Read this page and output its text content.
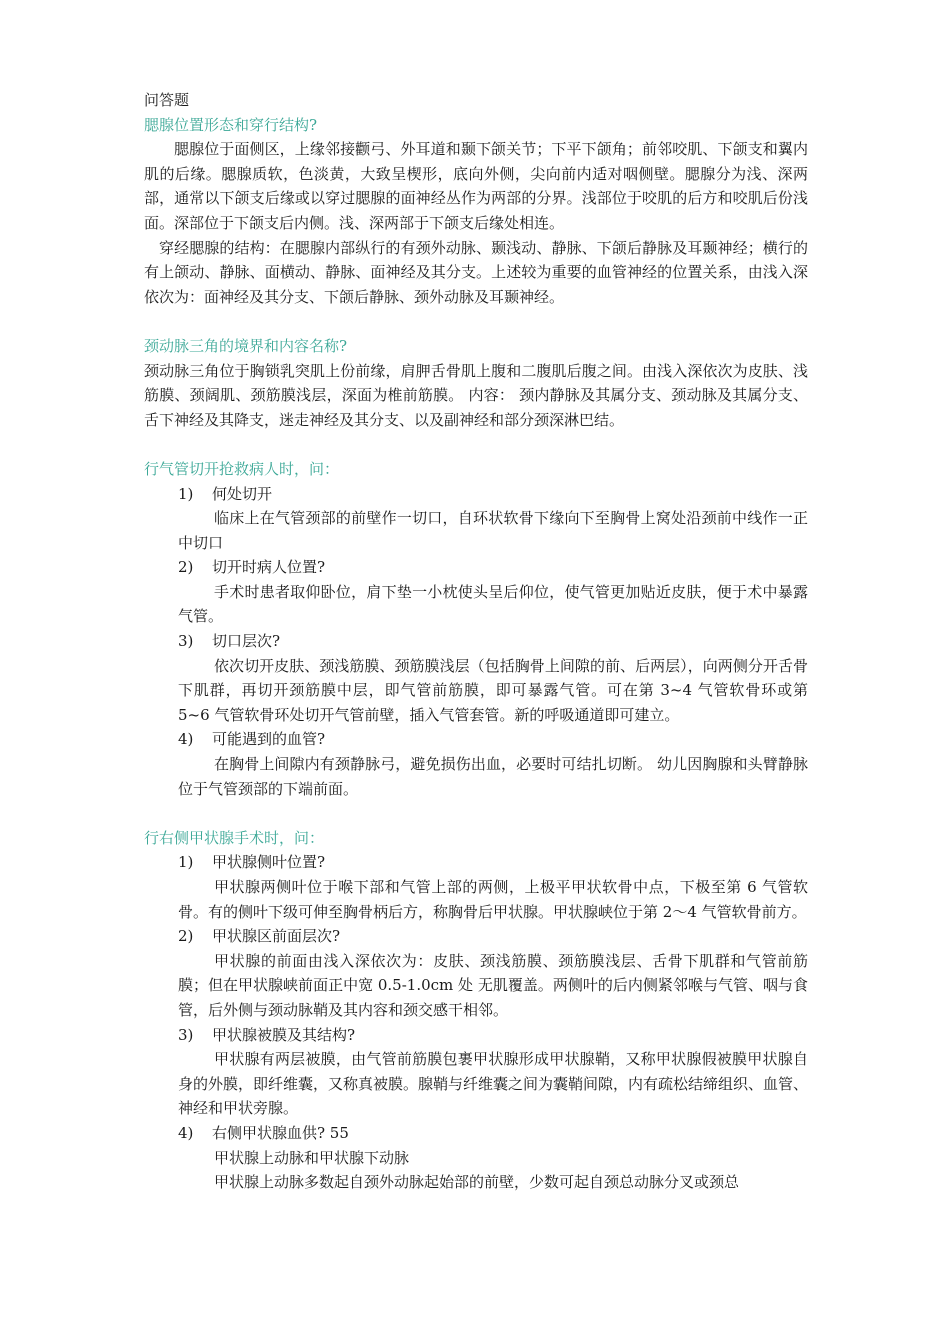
问答题

腮腺位置形态和穿行结构?

腮腺位于面侧区，上缘邻接颧弓、外耳道和颞下颌关节；下平下颌角；前邻咬肌、下颌支和翼内肌的后缘。腮腺质软，色淡黄，大致呈楔形，底向外侧，尖向前内适对咽侧壁。腮腺分为浅、深两部，通常以下颌支后缘或以穿过腮腺的面神经丛作为两部的分界。浅部位于咬肌的后方和咬肌后份浅面。深部位于下颌支后内侧。浅、深两部于下颌支后缘处相连。

穿经腮腺的结构：在腮腺内部纵行的有颈外动脉、颞浅动、静脉、下颌后静脉及耳颞神经；横行的有上颌动、静脉、面横动、静脉、面神经及其分支。上述较为重要的血管神经的位置关系，由浅入深依次为：面神经及其分支、下颌后静脉、颈外动脉及耳颞神经。

颈动脉三角的境界和内容名称?

颈动脉三角位于胸锁乳突肌上份前缘，肩胛舌骨肌上腹和二腹肌后腹之间。由浅入深依次为皮肤、浅筋膜、颈阔肌、颈筋膜浅层，深面为椎前筋膜。 内容： 颈内静脉及其属分支、颈动脉及其属分支、舌下神经及其降支，迷走神经及其分支、以及副神经和部分颈深淋巴结。

行气管切开抢救病人时，问：

1)	何处切开

临床上在气管颈部的前壁作一切口，自环状软骨下缘向下至胸骨上窝处沿颈前中线作一正中切口

2)	切开时病人位置?

手术时患者取仰卧位，肩下垫一小枕使头呈后仰位，使气管更加贴近皮肤，便于术中暴露气管。

3)	切口层次?

依次切开皮肤、颈浅筋膜、颈筋膜浅层（包括胸骨上间隙的前、后两层），向两侧分开舌骨下肌群，再切开颈筋膜中层，即气管前筋膜，即可暴露气管。可在第 3~4 气管软骨环或第 5~6 气管软骨环处切开气管前壁，插入气管套管。新的呼吸通道即可建立。

4)	可能遇到的血管?

在胸骨上间隙内有颈静脉弓，避免损伤出血，必要时可结扎切断。 幼儿因胸腺和头臂静脉位于气管颈部的下端前面。

行右侧甲状腺手术时，问：

1)	甲状腺侧叶位置?

甲状腺两侧叶位于喉下部和气管上部的两侧，上极平甲状软骨中点，下极至第 6 气管软骨。有的侧叶下级可伸至胸骨柄后方，称胸骨后甲状腺。甲状腺峡位于第 2～4 气管软骨前方。

2)	甲状腺区前面层次?

甲状腺的前面由浅入深依次为：皮肤、颈浅筋膜、颈筋膜浅层、舌骨下肌群和气管前筋膜；但在甲状腺峡前面正中宽 0.5-1.0cm 处 无肌覆盖。两侧叶的后内侧紧邻喉与气管、咽与食管，后外侧与颈动脉鞘及其内容和颈交感干相邻。

3)	甲状腺被膜及其结构?

甲状腺有两层被膜，由气管前筋膜包裹甲状腺形成甲状腺鞘，又称甲状腺假被膜甲状腺自身的外膜，即纤维囊，又称真被膜。腺鞘与纤维囊之间为囊鞘间隙，内有疏松结缔组织、血管、神经和甲状旁腺。

4)	右侧甲状腺血供? 55

甲状腺上动脉和甲状腺下动脉

甲状腺上动脉多数起自颈外动脉起始部的前壁，少数可起自颈总动脉分叉或颈总
